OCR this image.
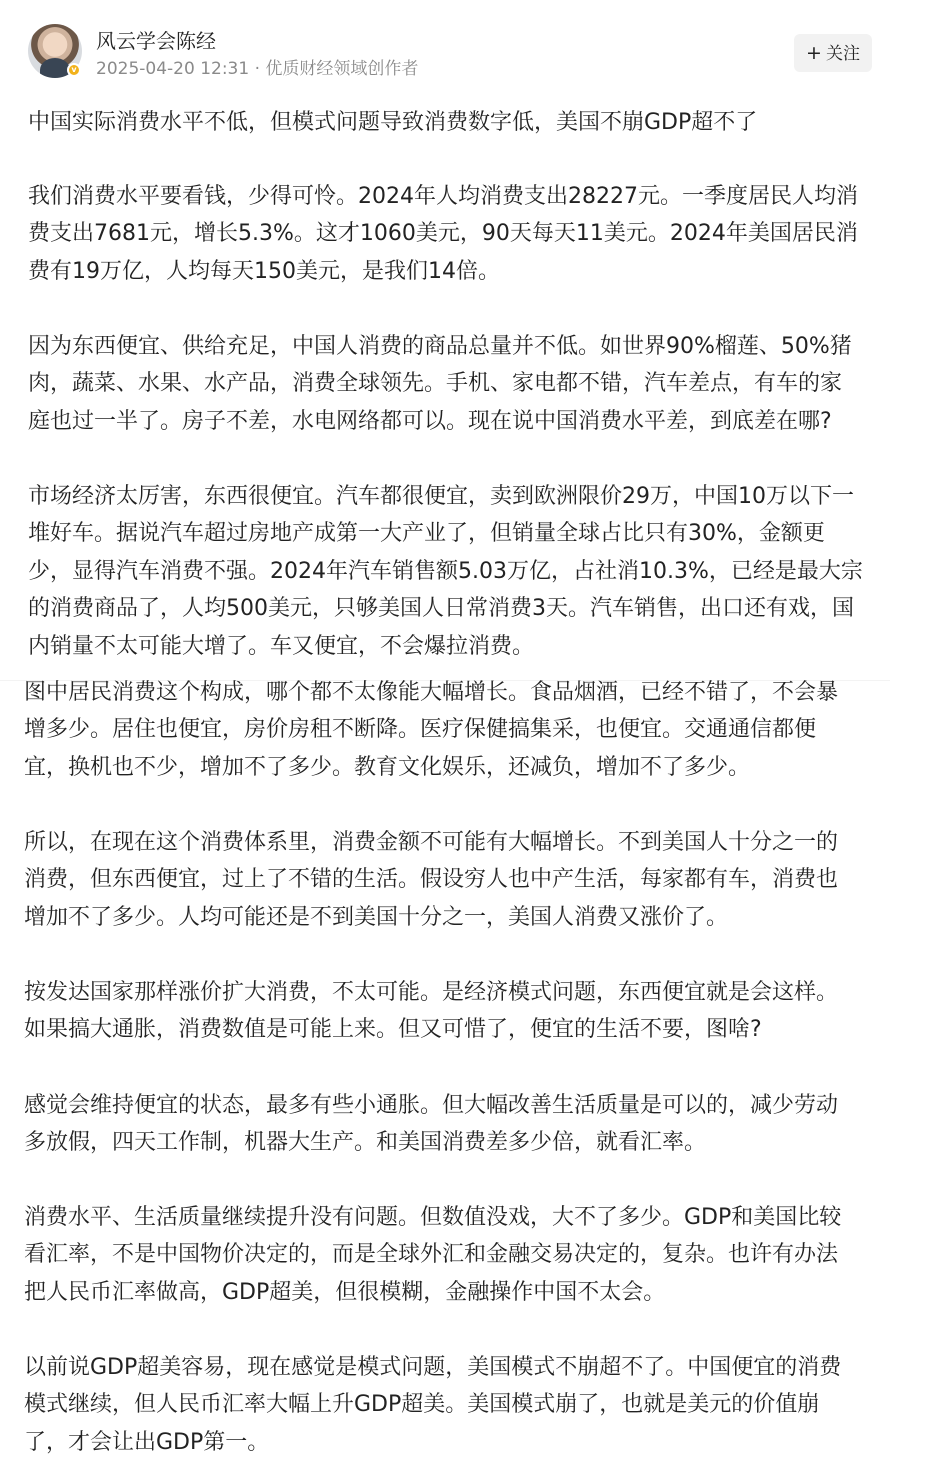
v
风云学会陈经
2025-04-20 12:31 · 优质财经领域创作者
+ 关注
中国实际消费水平不低，但模式问题导致消费数字低，美国不崩GDP超不了
我们消费水平要看钱，少得可怜。2024年人均消费支出28227元。一季度居民人均消
费支出7681元，增长5.3%。这才1060美元，90天每天11美元。2024年美国居民消
费有19万亿，人均每天150美元，是我们14倍。
因为东西便宜、供给充足，中国人消费的商品总量并不低。如世界90%榴莲、50%猪
肉，蔬菜、水果、水产品，消费全球领先。手机、家电都不错，汽车差点，有车的家
庭也过一半了。房子不差，水电网络都可以。现在说中国消费水平差，到底差在哪?
市场经济太厉害，东西很便宜。汽车都很便宜，卖到欧洲限价29万，中国10万以下一
堆好车。据说汽车超过房地产成第一大产业了，但销量全球占比只有30%，金额更
少，显得汽车消费不强。2024年汽车销售额5.03万亿，占社消10.3%，已经是最大宗
的消费商品了，人均500美元，只够美国人日常消费3天。汽车销售，出口还有戏，国
内销量不太可能大增了。车又便宜，不会爆拉消费。
图中居民消费这个构成，哪个都不太像能大幅增长。食品烟酒，已经不错了，不会暴
增多少。居住也便宜，房价房租不断降。医疗保健搞集采，也便宜。交通通信都便
宜，换机也不少，增加不了多少。教育文化娱乐，还减负，增加不了多少。
所以，在现在这个消费体系里，消费金额不可能有大幅增长。不到美国人十分之一的
消费，但东西便宜，过上了不错的生活。假设穷人也中产生活，每家都有车，消费也
增加不了多少。人均可能还是不到美国十分之一，美国人消费又涨价了。
按发达国家那样涨价扩大消费，不太可能。是经济模式问题，东西便宜就是会这样。
如果搞大通胀，消费数值是可能上来。但又可惜了，便宜的生活不要，图啥?
感觉会维持便宜的状态，最多有些小通胀。但大幅改善生活质量是可以的，减少劳动
多放假，四天工作制，机器大生产。和美国消费差多少倍，就看汇率。
消费水平、生活质量继续提升没有问题。但数值没戏，大不了多少。GDP和美国比较
看汇率，不是中国物价决定的，而是全球外汇和金融交易决定的，复杂。也许有办法
把人民币汇率做高，GDP超美，但很模糊，金融操作中国不太会。
以前说GDP超美容易，现在感觉是模式问题，美国模式不崩超不了。中国便宜的消费
模式继续，但人民币汇率大幅上升GDP超美。美国模式崩了，也就是美元的价值崩
了，才会让出GDP第一。
